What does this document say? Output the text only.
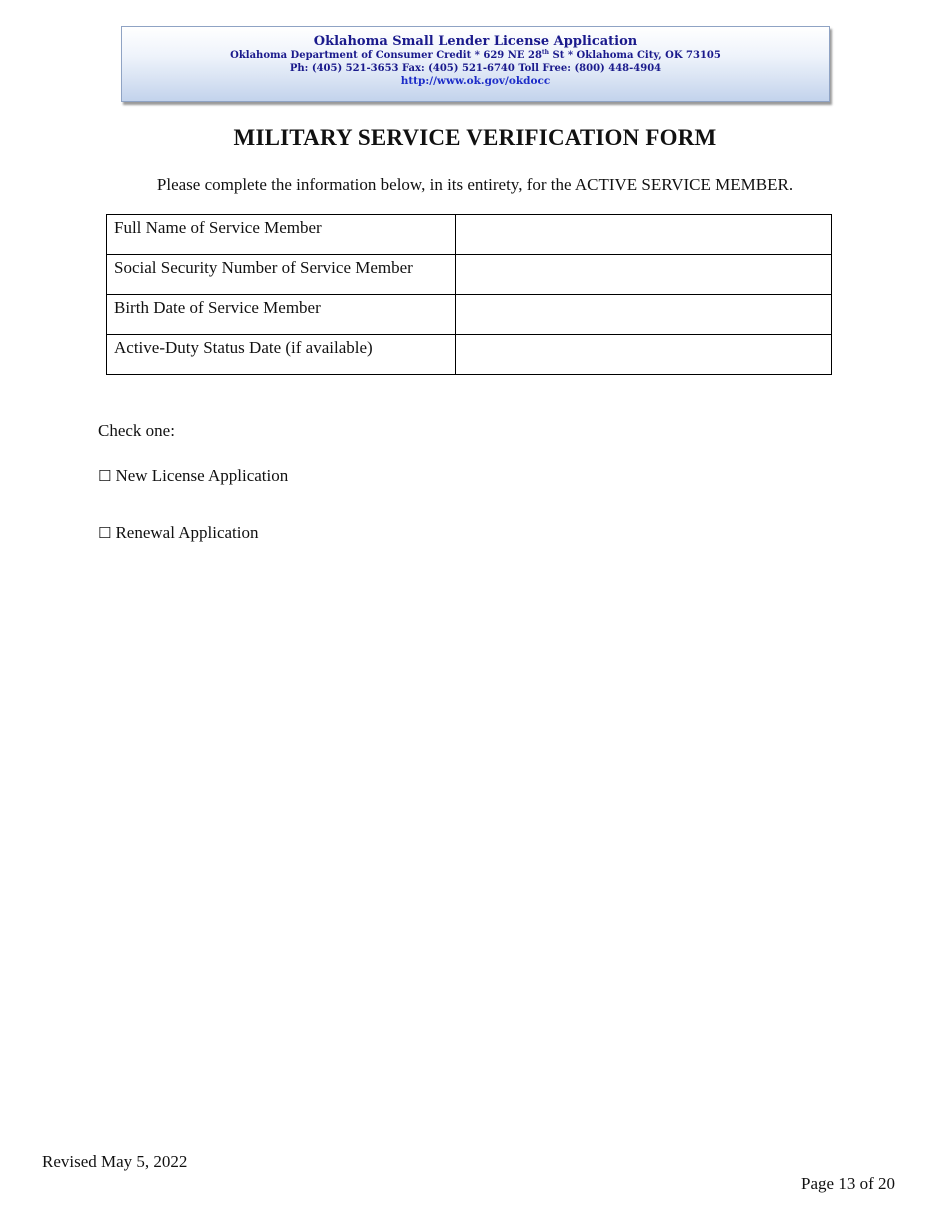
Oklahoma Small Lender License Application
Oklahoma Department of Consumer Credit * 629 NE 28th St * Oklahoma City, OK 73105
Ph: (405) 521-3653 Fax: (405) 521-6740 Toll Free: (800) 448-4904
http://www.ok.gov/okdocc
MILITARY SERVICE VERIFICATION FORM
Please complete the information below, in its entirety, for the ACTIVE SERVICE MEMBER.
Full Name of Service Member	
Social Security Number of Service Member	
Birth Date of Service Member	
Active-Duty Status Date (if available)	
Check one:
☐ New License Application
☐ Renewal Application
Revised May 5, 2022
Page 13 of 20
